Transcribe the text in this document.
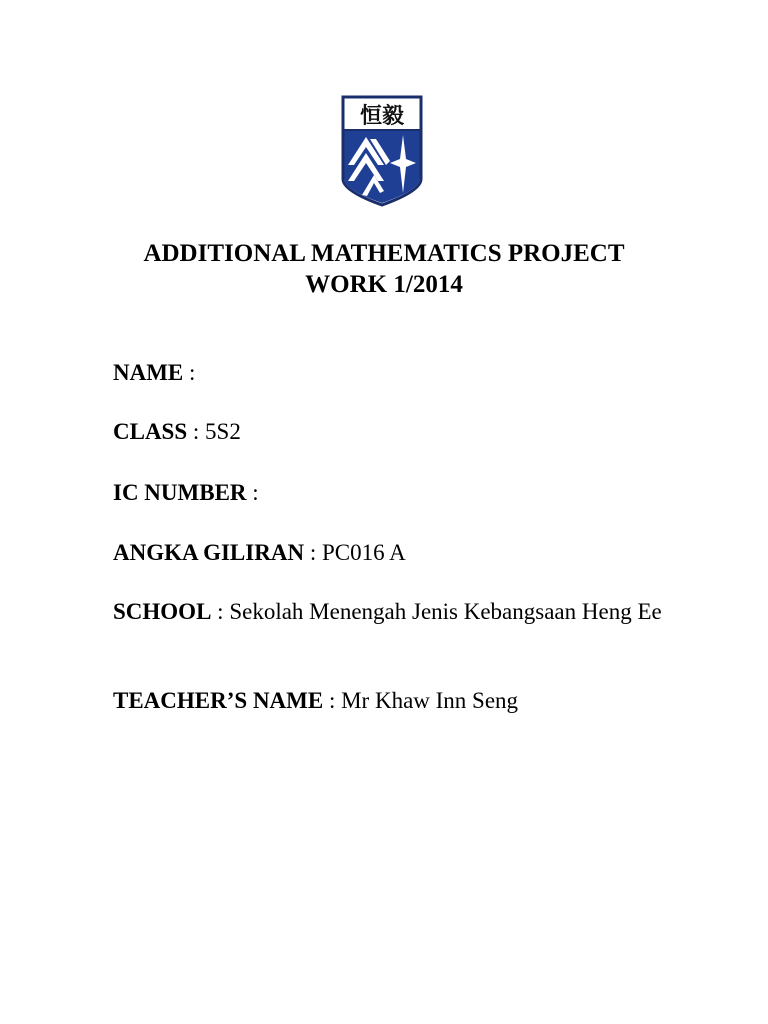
恒毅
ADDITIONAL MATHEMATICS PROJECT
WORK 1/2014

NAME :

CLASS : 5S2

IC NUMBER :

ANGKA GILIRAN : PC016 A

SCHOOL : Sekolah Menengah Jenis Kebangsaan Heng Ee

TEACHER’S NAME : Mr Khaw Inn Seng
